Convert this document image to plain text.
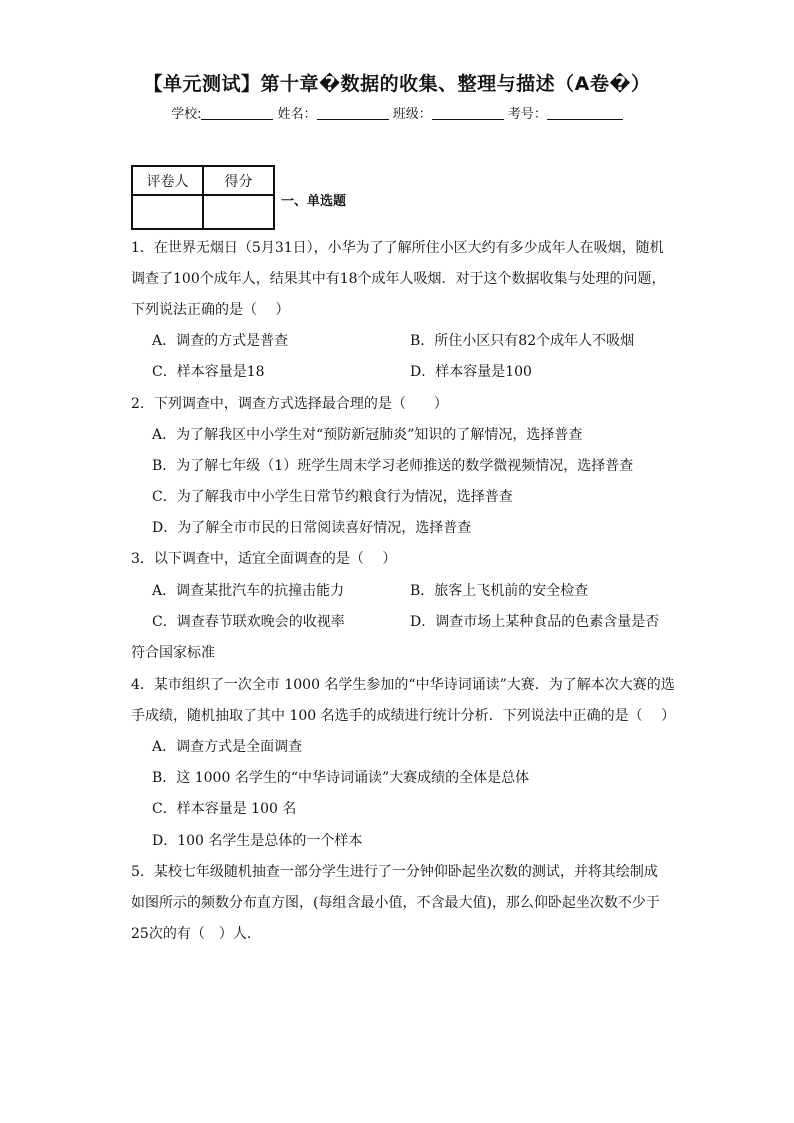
【单元测试】第十章�数据的收集、整理与描述（A卷�）
学校:	姓名：	班级：	考号：
评卷人	得分

一、单选题
1．在世界无烟日（5月31日），小华为了了解所住小区大约有多少成年人在吸烟，随机
调查了100个成年人，结果其中有18个成年人吸烟．对于这个数据收集与处理的问题，
下列说法正确的是（　 ）
A．调查的方式是普查	B．所住小区只有82个成年人不吸烟
C．样本容量是18	D．样本容量是100
2．下列调查中，调查方式选择最合理的是（　　）
A．为了解我区中小学生对“预防新冠肺炎”知识的了解情况，选择普查
B．为了解七年级（1）班学生周末学习老师推送的数学微视频情况，选择普查
C．为了解我市中小学生日常节约粮食行为情况，选择普查
D．为了解全市市民的日常阅读喜好情况，选择普查
3．以下调查中，适宜全面调查的是（　 ）
A．调查某批汽车的抗撞击能力	B．旅客上飞机前的安全检查
C．调查春节联欢晚会的收视率	D．调查市场上某种食品的色素含量是否
符合国家标准
4．某市组织了一次全市 1000 名学生参加的“中华诗词诵读”大赛．为了解本次大赛的选
手成绩，随机抽取了其中 100 名选手的成绩进行统计分析．下列说法中正确的是（　 ）
A．调查方式是全面调查
B．这 1000 名学生的“中华诗词诵读”大赛成绩的全体是总体
C．样本容量是 100 名
D．100 名学生是总体的一个样本
5．某校七年级随机抽查一部分学生进行了一分钟仰卧起坐次数的测试，并将其绘制成
如图所示的频数分布直方图，(每组含最小值，不含最大值)，那么仰卧起坐次数不少于
25次的有（　）人．
